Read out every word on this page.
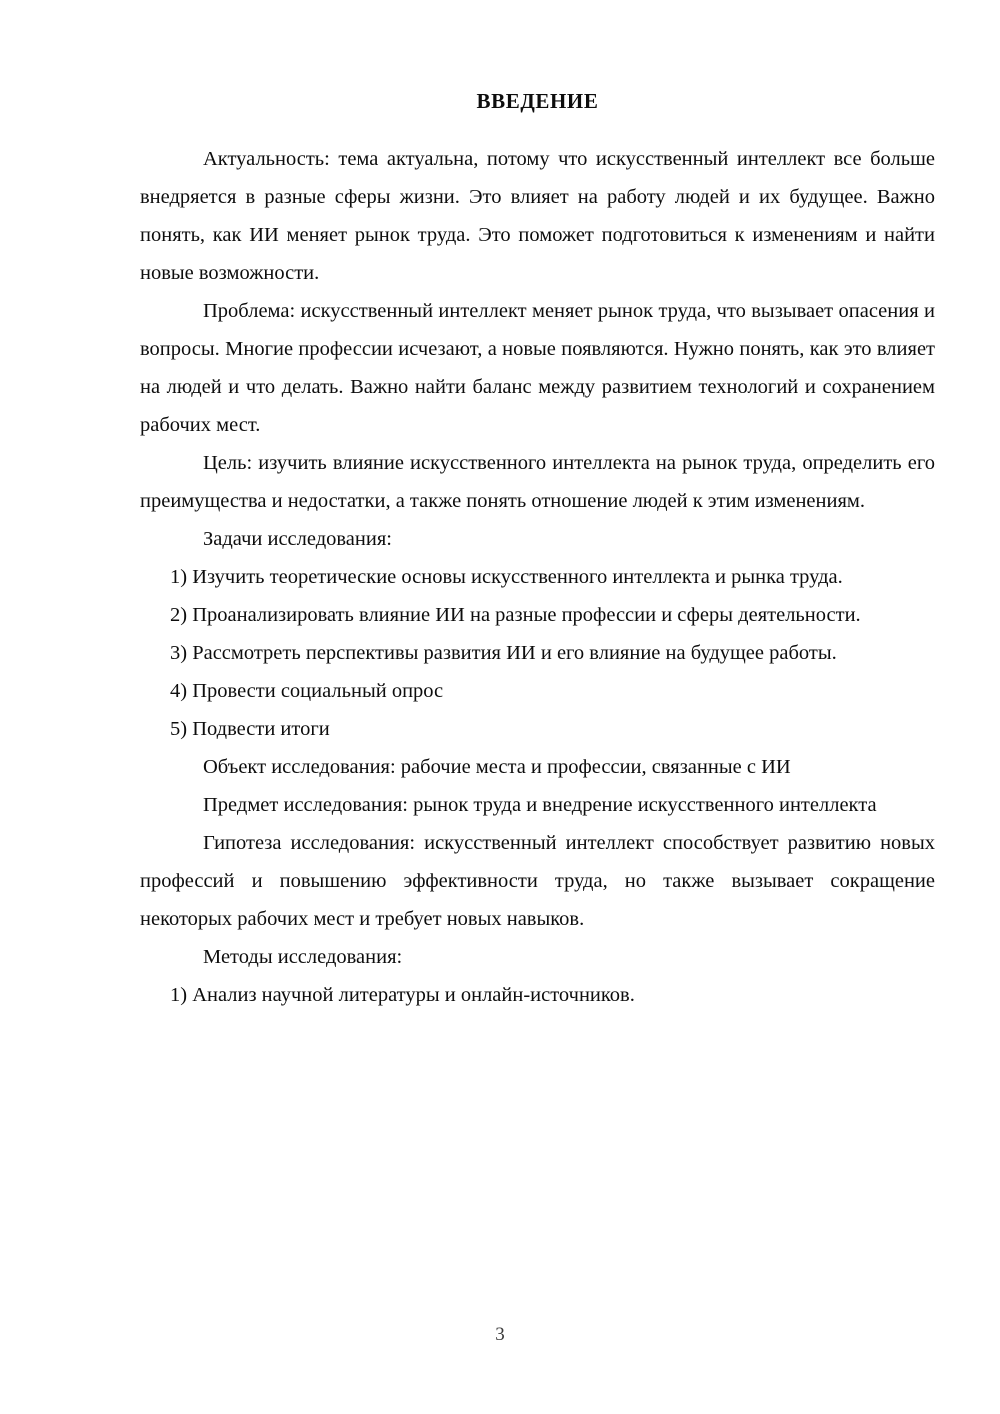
ВВЕДЕНИЕ

Актуальность: тема актуальна, потому что искусственный интеллект все больше внедряется в разные сферы жизни. Это влияет на работу людей и их будущее. Важно понять, как ИИ меняет рынок труда. Это поможет подготовиться к изменениям и найти новые возможности.

Проблема: искусственный интеллект меняет рынок труда, что вызывает опасения и вопросы. Многие профессии исчезают, а новые появляются. Нужно понять, как это влияет на людей и что делать. Важно найти баланс между развитием технологий и сохранением рабочих мест.

Цель: изучить влияние искусственного интеллекта на рынок труда, определить его преимущества и недостатки, а также понять отношение людей к этим изменениям.

Задачи исследования:

1) Изучить теоретические основы искусственного интеллекта и рынка труда.

2) Проанализировать влияние ИИ на разные профессии и сферы деятельности.

3) Рассмотреть перспективы развития ИИ и его влияние на будущее работы.

4) Провести социальный опрос

5) Подвести итоги

Объект исследования: рабочие места и профессии, связанные с ИИ

Предмет исследования: рынок труда и внедрение искусственного интеллекта

Гипотеза исследования: искусственный интеллект способствует развитию новых профессий и повышению эффективности труда, но также вызывает сокращение некоторых рабочих мест и требует новых навыков.

Методы исследования:

1) Анализ научной литературы и онлайн-источников.

3
